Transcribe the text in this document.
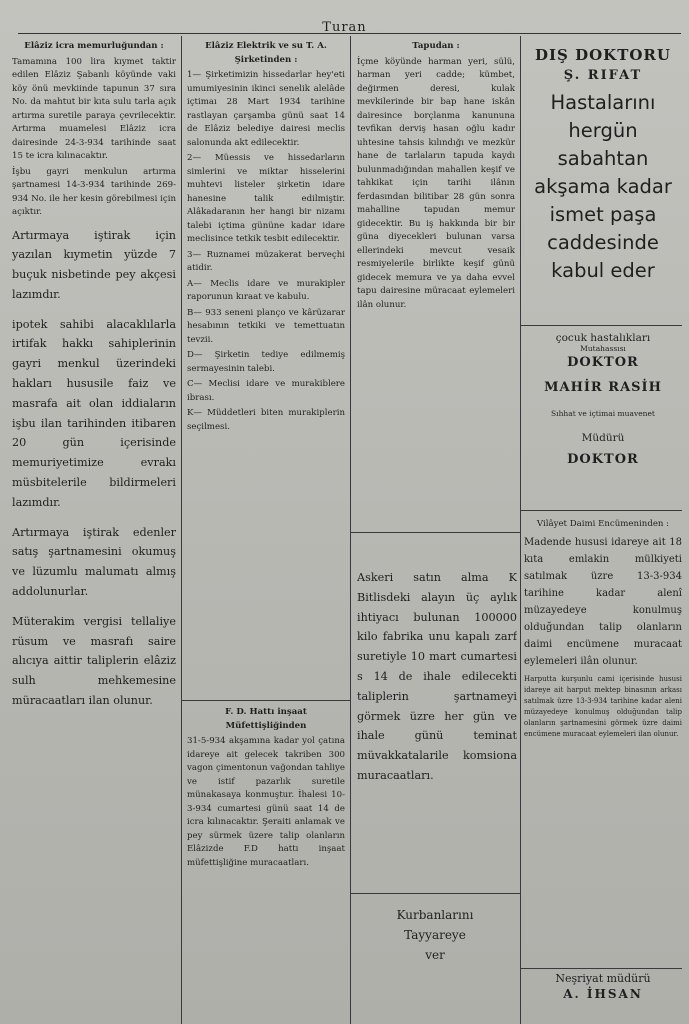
Turan
Elâziz icra memurluğundan :

Tamamına 100 lira kıymet taktir edilen Elâziz Şabanlı köyünde vaki köy önü mevkiinde tapunun 37 sıra No. da mahtut bir kıta sulu tarla açık artırma suretile paraya çevrilecektir. Artırma muamelesi Elâziz icra dairesinde 24-3-934 tarihinde saat 15 te icra kılınacaktır.

İşbu gayri menkulun artırma şartnamesi 14-3-934 tarihinde 269-934 No. ile her kesin görebilmesi için açıktır.

Artırmaya iştirak için yazılan kıymetin yüzde 7 buçuk nisbetinde pey akçesi lazımdır.

ipotek sahibi alacaklılarla irtifak hakkı sahiplerinin gayri menkul üzerindeki hakları hususile faiz ve masrafa ait olan iddiaların işbu ilan tarihinden itibaren 20 gün içerisinde memuriyetimize evrakı müsbitelerile bildirmeleri lazımdır.

Artırmaya iştirak edenler satış şartnamesini okumuş ve lüzumlu malumatı almış addolunurlar.

Müterakim vergisi tellaliye rüsum ve masrafı saire alıcıya aittir taliplerin elâziz sulh mehkemesine müracaatları ilan olunur.

Elâziz Elektrik ve su T. A. Şirketinden :

1— Şirketimizin hissedarlar hey'eti umumiyesinin ikinci senelik alelâde içtimaı 28 Mart 1934 tarihine rastlayan çarşamba günü saat 14 de Elâziz belediye dairesi meclis salonunda akt edilecektir.

2— Müessis ve hissedarların simlerini ve miktar hisselerini muhtevi listeler şirketin idare hanesine talik edilmiştir. Alâkadaranın her hangi bir nizamı talebi içtima gününe kadar idare meclisince tetkik tesbit edilecektir.

3— Ruznamei müzakerat berveçhi atidir.

A— Meclis idare ve murakipler raporunun kıraat ve kabulu.

B— 933 seneni planço ve kârüzarar hesabının tetkiki ve temettuatın tevzii.

D— Şirketin tediye edilmemiş sermayesinin talebi.

C— Meclisi idare ve murakiblere ibrası.

K— Müddetleri biten murakiplerin seçilmesi.

F. D. Hattı inşaat Müfettişliğinden

31-5-934 akşamına kadar yol çatına idareye ait gelecek takriben 300 vagon çimentonun vağondan tahliye ve istif pazarlık suretile münakasaya konmuştur. İhalesi 10-3-934 cumartesi günü saat 14 de icra kılınacaktır. Şeraiti anlamak ve pey sürmek üzere talip olanların Elâzizde F.D hattı inşaat müfettişliğine muracaatları.

Tapudan :

İçme köyünde harman yeri, sülü, harman yeri cadde; kümbet, değirmen deresi, kulak mevkilerinde bir bap hane iskân dairesince borçlanma kanununa tevfikan derviş hasan oğlu kadır uhtesine tahsis kılındığı ve mezkür hane de tarlaların tapuda kaydı bulunmadığından mahallen keşif ve tahkikat için tarihi ilânın ferdasından bilitibar 28 gün sonra mahalline tapudan memur gidecektir. Bu iş hakkında bir bir güna diyecekleri bulunan varsa ellerindeki mevcut vesaik resmiyelerile birlikte keşif günü gidecek memura ve ya daha evvel tapu dairesine müracaat eylemeleri ilân olunur.

Askeri satın alma K Bitlisdeki alayın üç aylık ihtiyacı bulunan 100000 kilo fabrika unu kapalı zarf suretiyle 10 mart cumartesi s 14 de ihale edilecekti taliplerin şartnameyi görmek üzre her gün ve ihale günü teminat müvakkatalarile komsiona muracaatları.

Kurbanlarını
Tayyareye
ver
DIŞ DOKTORU
Ş. RIFAT
Hastalarını hergün sabahtan akşama kadar ismet paşa caddesinde kabul eder
çocuk hastalıkları
Mutahassısı
DOKTOR
MAHİR RASİH
Sıhhat ve içtimai muavenet
Müdürü
DOKTOR
Vilâyet Daimi Encümeninden :
Madende hususi idareye ait 18 kıta emlakin mülkiyeti satılmak üzre 13-3-934 tarihine kadar alenî müzayedeye konulmuş olduğundan talip olanların daimi encümene muracaat eylemeleri ilân olunur.

Harputta kurşunlu cami içerisinde hususi idareye ait harput mektep binasının arkası satılmak üzre 13-3-934 tarihine kadar aleni müzayedeye konulmuş olduğundan talip olanların şartnamesini görmek üzre daimi encümene muracaat eylemeleri ilan olunur.

Neşriyat müdürü
A. İHSAN
